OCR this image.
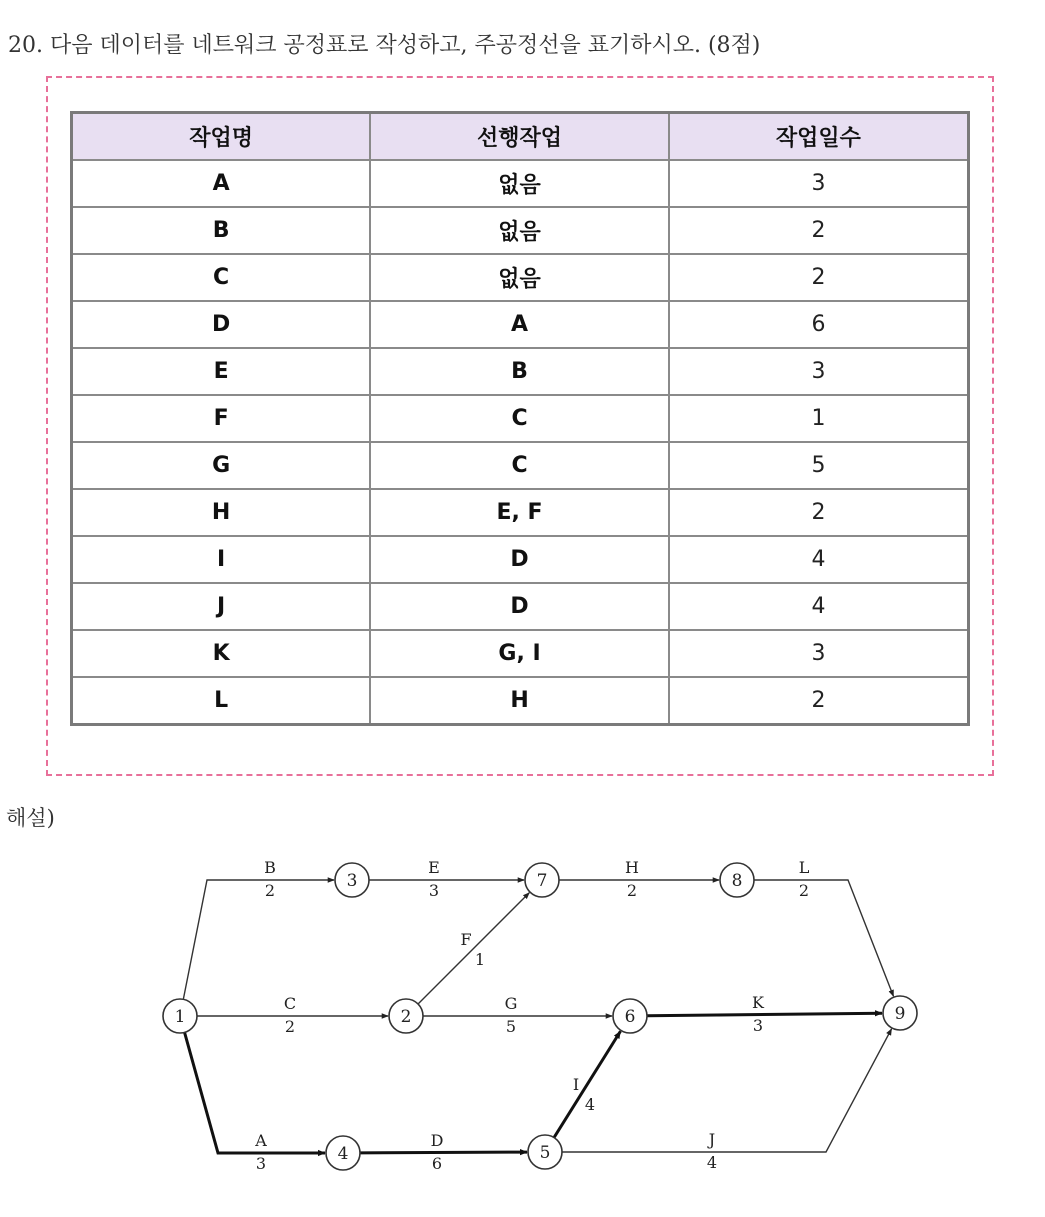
20. 다음 데이터를 네트워크 공정표로 작성하고, 주공정선을 표기하시오. (8점)
작업명	선행작업	작업일수
A	없음	3
B	없음	2
C	없음	2
D	A	6
E	B	3
F	C	1
G	C	5
H	E, F	2
I	D	4
J	D	4
K	G, I	3
L	H	2
해설)
B
2
E
3
H
2
L
2
C
2
F
1
G
5
K
3
A
3
D
6
I
4
J
4
1	2
3
4	5
6
7	8
9
